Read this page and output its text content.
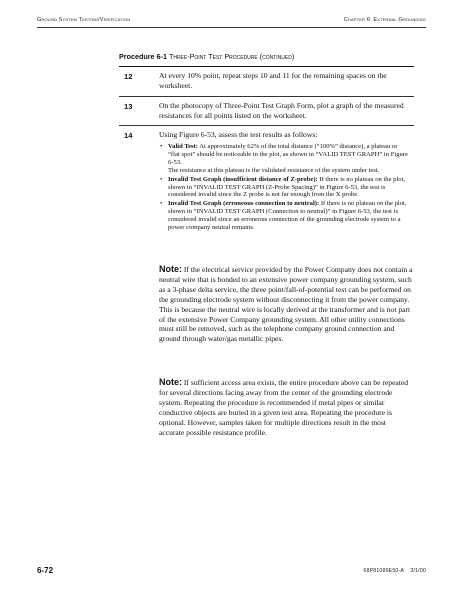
Ground System Testing/Verification	Chapter 6: External Grounding
Procedure 6-1 Three-Point Test Procedure (continued)
12	At every 10% point, repeat steps 10 and 11 for the remaining spaces on the worksheet.
13	On the photocopy of Three-Point Test Graph Form, plot a graph of the measured resistances for all points listed on the worksheet.
14	Using Figure 6-53, assess the test results as follows:
• Valid Test: At approximately 62% of the total distance (“100%” distance), a plateau or “flat spot” should be noticeable in the plot, as shown in “VALID TEST GRAPH” in Figure 6-53.
The resistance at this plateau is the validated resistance of the system under test.
• Invalid Test Graph (insufficient distance of Z-probe): If there is no plateau on the plot, shown in “INVALID TEST GRAPH (Z-Probe Spacing)” in Figure 6-53, the test is considered invalid since the Z probe is not far enough from the X probe.
• Invalid Test Graph (erroneous connection to neutral): If there is no plateau on the plot, shown in “INVALID TEST GRAPH (Connection to neutral)” in Figure 6-53, the test is considered invalid since an erroneous connection of the grounding electrode system to a power company neutral remains.
Note: If the electrical service provided by the Power Company does not contain a neutral wire that is bonded to an extensive power company grounding system, such as a 3-phase delta service, the three point/fall-of-potential test can be performed on the grounding electrode system without disconnecting it from the power company. This is because the neutral wire is locally derived at the transformer and is not part of the extensive Power Company grounding system. All other utility connections must still be removed, such as the telephone company ground connection and ground through water/gas metallic pipes.
Note: If sufficient access area exists, the entire procedure above can be repeated for several directions facing away from the center of the grounding electrode system. Repeating the procedure is recommended if metal pipes or similar conductive objects are buried in a given test area. Repeating the procedure is optional. However, samples taken for multiple directions result in the most accurate possible resistance profile.
6-72	68P81089E50-A    3/1/00
